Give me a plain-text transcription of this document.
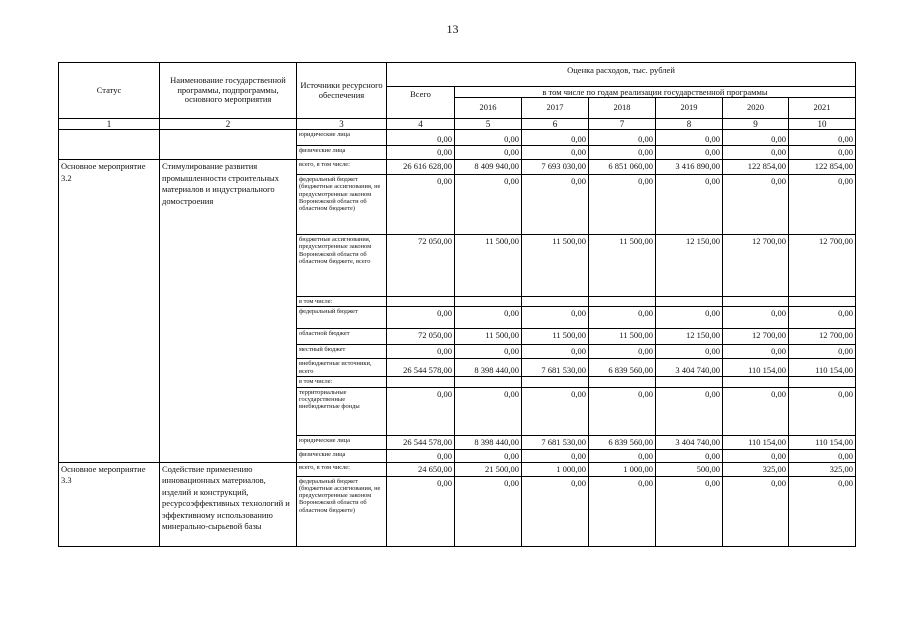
13
Статус	Наименование государственной программы, подпрограммы, основного мероприятия	Источники ресурсного обеспечения	Оценка расходов, тыс. рублей						
			Всего	в том числе по годам реализации государственной программы					
				2016	2017	2018	2019	2020	2021
1	2	3	4	5	6	7	8	9	10
		юридические лица	0,00	0,00	0,00	0,00	0,00	0,00	0,00
		физические лица	0,00	0,00	0,00	0,00	0,00	0,00	0,00
Основное мероприятие 3.2	Стимулирование развития промышленности строительных материалов и индустриального домостроения	всего, в том числе:	26 616 628,00	8 409 940,00	7 693 030,00	6 851 060,00	3 416 890,00	122 854,00	122 854,00
		федеральный бюджет (бюджетные ассигнования, не предусмотренные законом Воронежской области об областном бюджете)	0,00	0,00	0,00	0,00	0,00	0,00	0,00
		бюджетные ассигнования, предусмотренные законом Воронежской области об областном бюджете, всего	72 050,00	11 500,00	11 500,00	11 500,00	12 150,00	12 700,00	12 700,00
		в том числе:							
		федеральный бюджет	0,00	0,00	0,00	0,00	0,00	0,00	0,00
		областной бюджет	72 050,00	11 500,00	11 500,00	11 500,00	12 150,00	12 700,00	12 700,00
		местный бюджет	0,00	0,00	0,00	0,00	0,00	0,00	0,00
		внебюджетные источники, всего	26 544 578,00	8 398 440,00	7 681 530,00	6 839 560,00	3 404 740,00	110 154,00	110 154,00
		в том числе:							
		территориальные государственные внебюджетные фонды	0,00	0,00	0,00	0,00	0,00	0,00	0,00
		юридические лица	26 544 578,00	8 398 440,00	7 681 530,00	6 839 560,00	3 404 740,00	110 154,00	110 154,00
		физические лица	0,00	0,00	0,00	0,00	0,00	0,00	0,00
Основное мероприятие 3.3	Содействие применению инновационных материалов, изделий и конструкций, ресурсоэффективных технологий и эффективному использованию минерально-сырьевой базы	всего, в том числе:	24 650,00	21 500,00	1 000,00	1 000,00	500,00	325,00	325,00
		федеральный бюджет (бюджетные ассигнования, не предусмотренные законом Воронежской области об областном бюджете)	0,00	0,00	0,00	0,00	0,00	0,00	0,00
